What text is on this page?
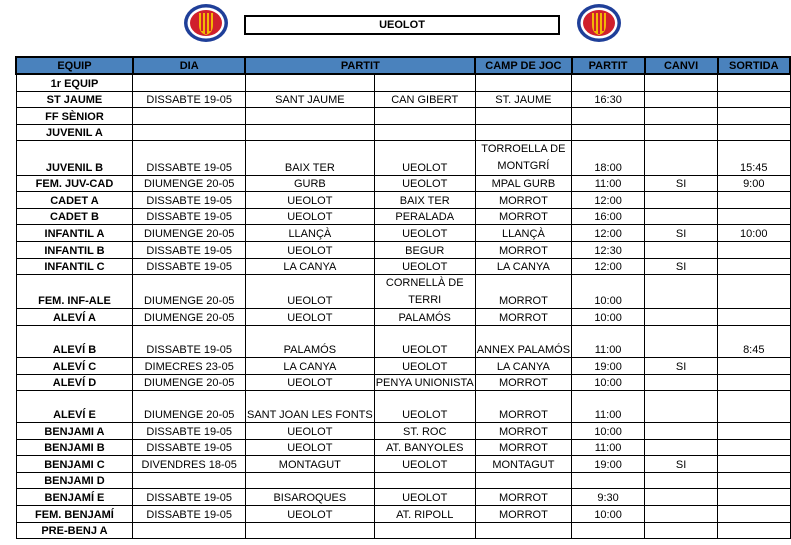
UEOLOT
EQUIP	DIA	PARTIT		CAMP DE JOC	PARTIT	CANVI	SORTIDA
1r EQUIP							
ST JAUME	DISSABTE 19-05	SANT JAUME	CAN GIBERT	ST. JAUME	16:30		
FF SÈNIOR							
JUVENIL A							
JUVENIL B	DISSABTE 19-05	BAIX TER	UEOLOT	TORROELLA DE MONTGRÍ	18:00		15:45
FEM. JUV-CAD	DIUMENGE 20-05	GURB	UEOLOT	MPAL GURB	11:00	SI	9:00
CADET A	DISSABTE 19-05	UEOLOT	BAIX TER	MORROT	12:00		
CADET B	DISSABTE 19-05	UEOLOT	PERALADA	MORROT	16:00		
INFANTIL A	DIUMENGE 20-05	LLANÇÀ	UEOLOT	LLANÇÀ	12:00	SI	10:00
INFANTIL B	DISSABTE 19-05	UEOLOT	BEGUR	MORROT	12:30		
INFANTIL C	DISSABTE 19-05	LA CANYA	UEOLOT	LA CANYA	12:00	SI	
FEM. INF-ALE	DIUMENGE 20-05	UEOLOT	CORNELLÀ DE TERRI	MORROT	10:00		
ALEVÍ A	DIUMENGE 20-05	UEOLOT	PALAMÓS	MORROT	10:00		
ALEVÍ B	DISSABTE 19-05	PALAMÓS	UEOLOT	ANNEX PALAMÓS	11:00		8:45
ALEVÍ C	DIMECRES 23-05	LA CANYA	UEOLOT	LA CANYA	19:00	SI	
ALEVÍ D	DIUMENGE 20-05	UEOLOT	PENYA UNIONISTA	MORROT	10:00		
ALEVÍ E	DIUMENGE 20-05	SANT JOAN LES FONTS	UEOLOT	MORROT	11:00		
BENJAMI A	DISSABTE 19-05	UEOLOT	ST. ROC	MORROT	10:00		
BENJAMI B	DISSABTE 19-05	UEOLOT	AT. BANYOLES	MORROT	11:00		
BENJAMI C	DIVENDRES 18-05	MONTAGUT	UEOLOT	MONTAGUT	19:00	SI	
BENJAMI D							
BENJAMÍ E	DISSABTE 19-05	BISAROQUES	UEOLOT	MORROT	9:30		
FEM. BENJAMÍ	DISSABTE 19-05	UEOLOT	AT. RIPOLL	MORROT	10:00		
PRE-BENJ A							
